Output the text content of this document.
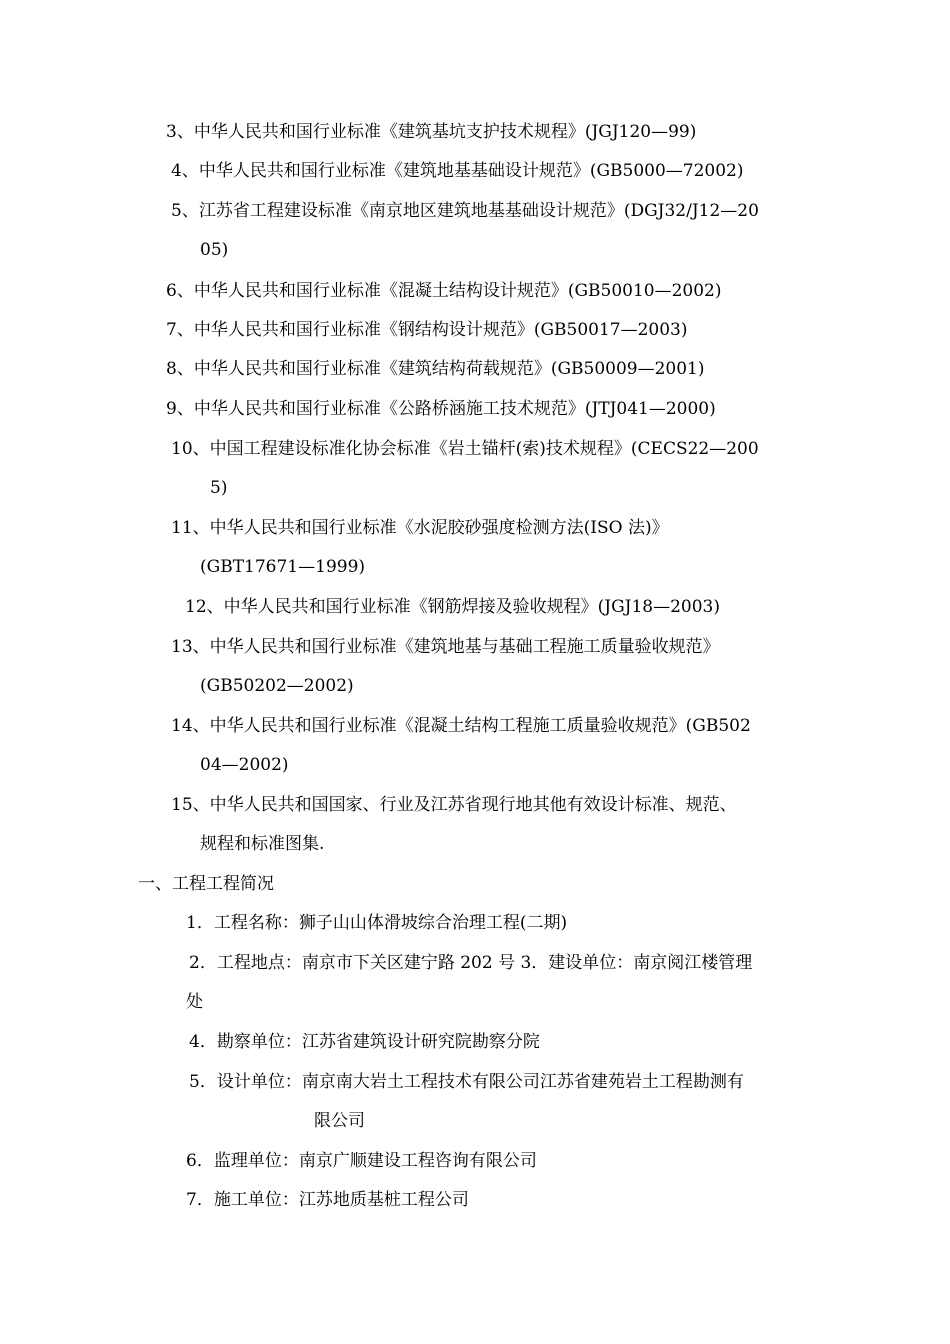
3、中华人民共和国行业标准《建筑基坑支护技术规程》(JGJ120—99)
4、中华人民共和国行业标准《建筑地基基础设计规范》(GB5000—72002)
5、江苏省工程建设标准《南京地区建筑地基基础设计规范》(DGJ32/J12—20
05)
6、中华人民共和国行业标准《混凝土结构设计规范》(GB50010—2002)
7、中华人民共和国行业标准《钢结构设计规范》(GB50017—2003)
8、中华人民共和国行业标准《建筑结构荷载规范》(GB50009—2001)
9、中华人民共和国行业标准《公路桥涵施工技术规范》(JTJ041—2000)
10、中国工程建设标准化协会标准《岩土锚杆(索)技术规程》(CECS22—200
5)
11、中华人民共和国行业标准《水泥胶砂强度检测方法(ISO 法)》
(GBT17671—1999)
12、中华人民共和国行业标准《钢筋焊接及验收规程》(JGJ18—2003)
13、中华人民共和国行业标准《建筑地基与基础工程施工质量验收规范》
(GB50202—2002)
14、中华人民共和国行业标准《混凝土结构工程施工质量验收规范》(GB502
04—2002)
15、中华人民共和国国家、行业及江苏省现行地其他有效设计标准、规范、
规程和标准图集.
一、工程工程简况
1．工程名称：狮子山山体滑坡综合治理工程(二期)
2．工程地点：南京市下关区建宁路 202 号 3．建设单位：南京阅江楼管理
处
4．勘察单位：江苏省建筑设计研究院勘察分院
5．设计单位：南京南大岩土工程技术有限公司江苏省建苑岩土工程勘测有
限公司
6．监理单位：南京广顺建设工程咨询有限公司
7．施工单位：江苏地质基桩工程公司
